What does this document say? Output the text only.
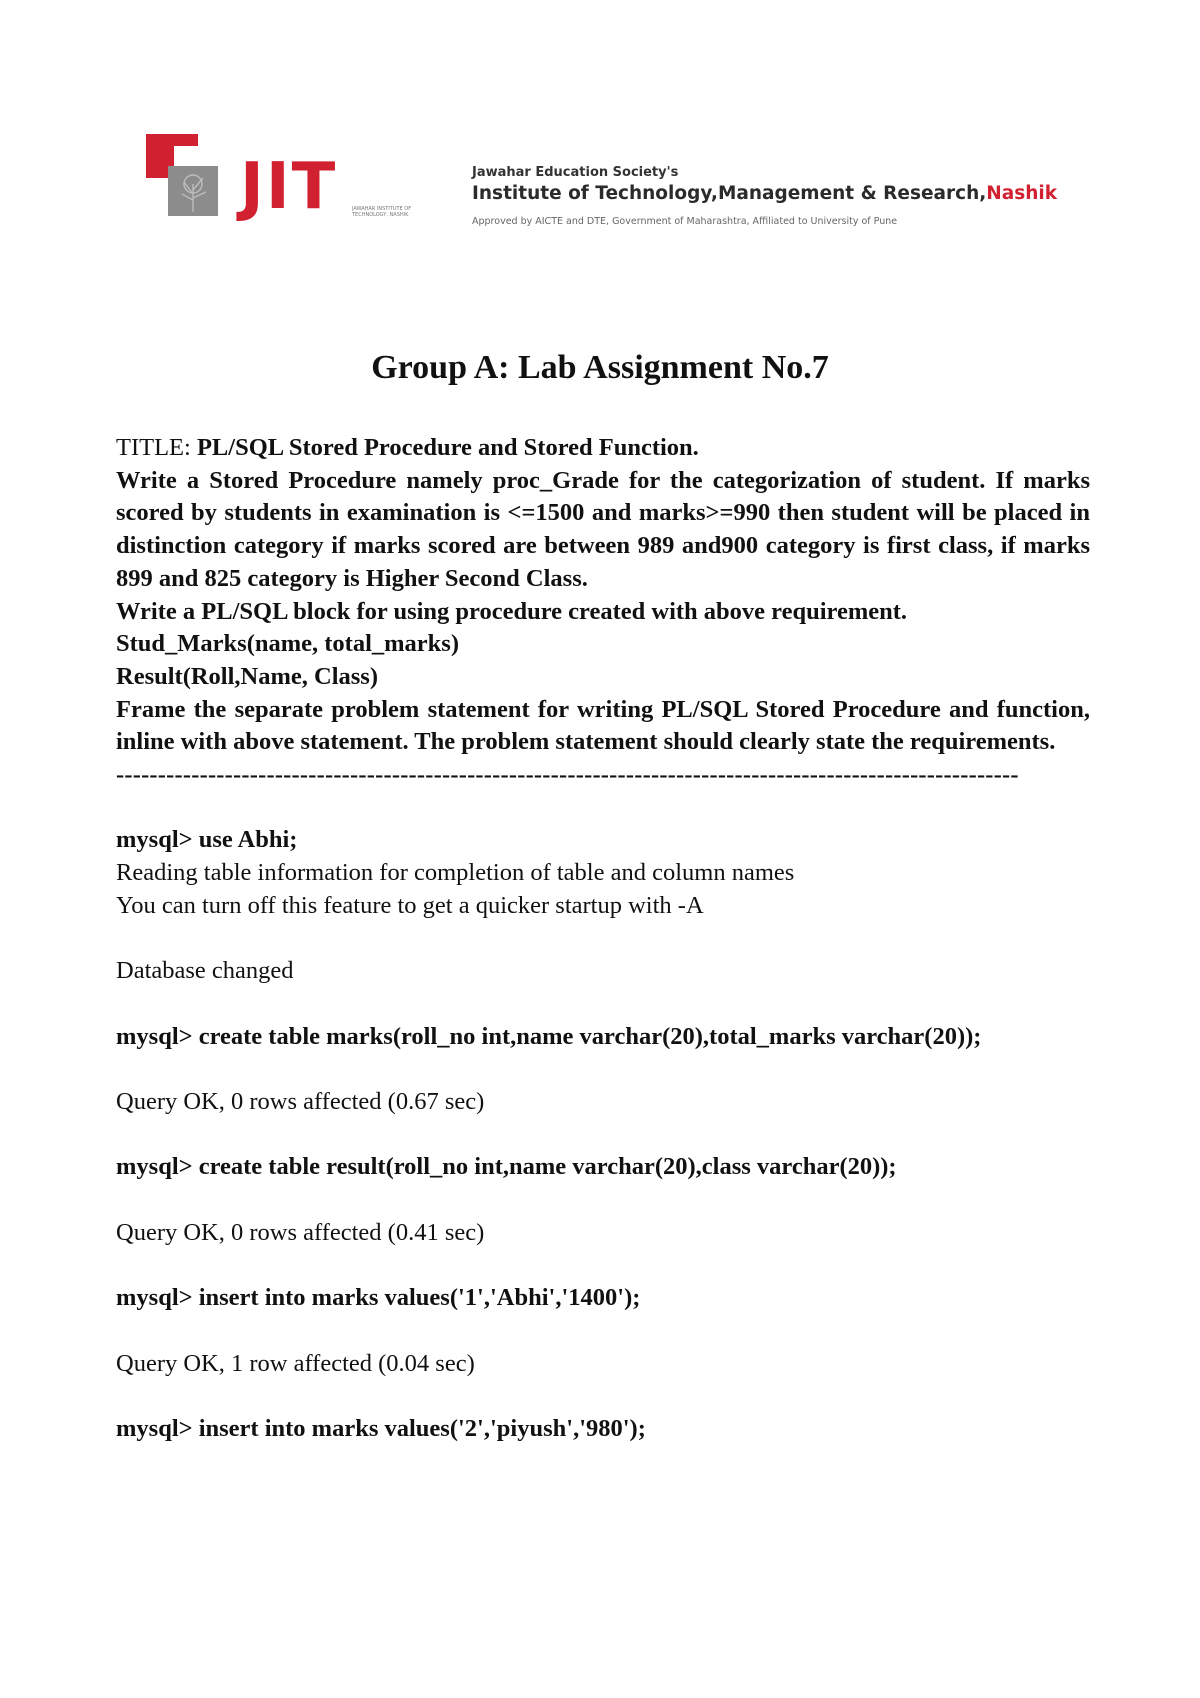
JIT	JAWAHAR INSTITUTE OF TECHNOLOGY, NASHIK
Jawahar Education Society's
Institute of Technology,Management & Research,Nashik
Approved by AICTE and DTE, Government of Maharashtra, Affiliated to University of Pune
Group A: Lab Assignment No.7

TITLE: PL/SQL Stored Procedure and Stored Function.

Write a Stored Procedure namely proc_Grade for the categorization of student. If marks scored by students in examination is <=1500 and marks>=990 then student will be placed in distinction category if marks scored are between 989 and900 category is first class, if marks 899 and 825 category is Higher Second Class.

Write a PL/SQL block for using procedure created with above requirement.

Stud_Marks(name, total_marks)

Result(Roll,Name, Class)

Frame the separate problem statement for writing PL/SQL Stored Procedure and function, inline with above statement. The problem statement should clearly state the requirements.

------------------------------------------------------------------------------------------------------------

mysql> use Abhi;

Reading table information for completion of table and column names

You can turn off this feature to get a quicker startup with -A

Database changed

mysql> create table marks(roll_no int,name varchar(20),total_marks varchar(20));

Query OK, 0 rows affected (0.67 sec)

mysql> create table result(roll_no int,name varchar(20),class varchar(20));

Query OK, 0 rows affected (0.41 sec)

mysql> insert into marks values('1','Abhi','1400');

Query OK, 1 row affected (0.04 sec)

mysql> insert into marks values('2','piyush','980');
